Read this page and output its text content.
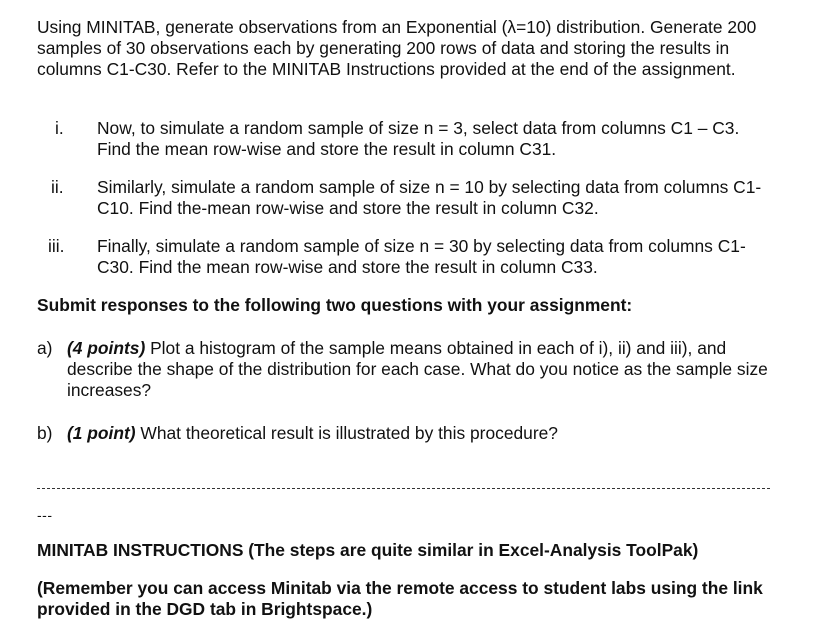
Using MINITAB, generate observations from an Exponential (λ=10) distribution. Generate 200 samples of 30 observations each by generating 200 rows of data and storing the results in columns C1-C30. Refer to the MINITAB Instructions provided at the end of the assignment.

i.	Now, to simulate a random sample of size n = 3, select data from columns C1 – C3. Find the mean row-wise and store the result in column C31.
ii.	Similarly, simulate a random sample of size n = 10 by selecting data from columns C1-C10. Find the-mean row-wise and store the result in column C32.
iii.	Finally, simulate a random sample of size n = 30 by selecting data from columns C1-C30. Find the mean row-wise and store the result in column C33.
Submit responses to the following two questions with your assignment:
a) (4 points) Plot a histogram of the sample means obtained in each of i), ii) and iii), and describe the shape of the distribution for each case. What do you notice as the sample size increases?
b) (1 point) What theoretical result is illustrated by this procedure?
---
MINITAB INSTRUCTIONS (The steps are quite similar in Excel-Analysis ToolPak)
(Remember you can access Minitab via the remote access to student labs using the link provided in the DGD tab in Brightspace.)
